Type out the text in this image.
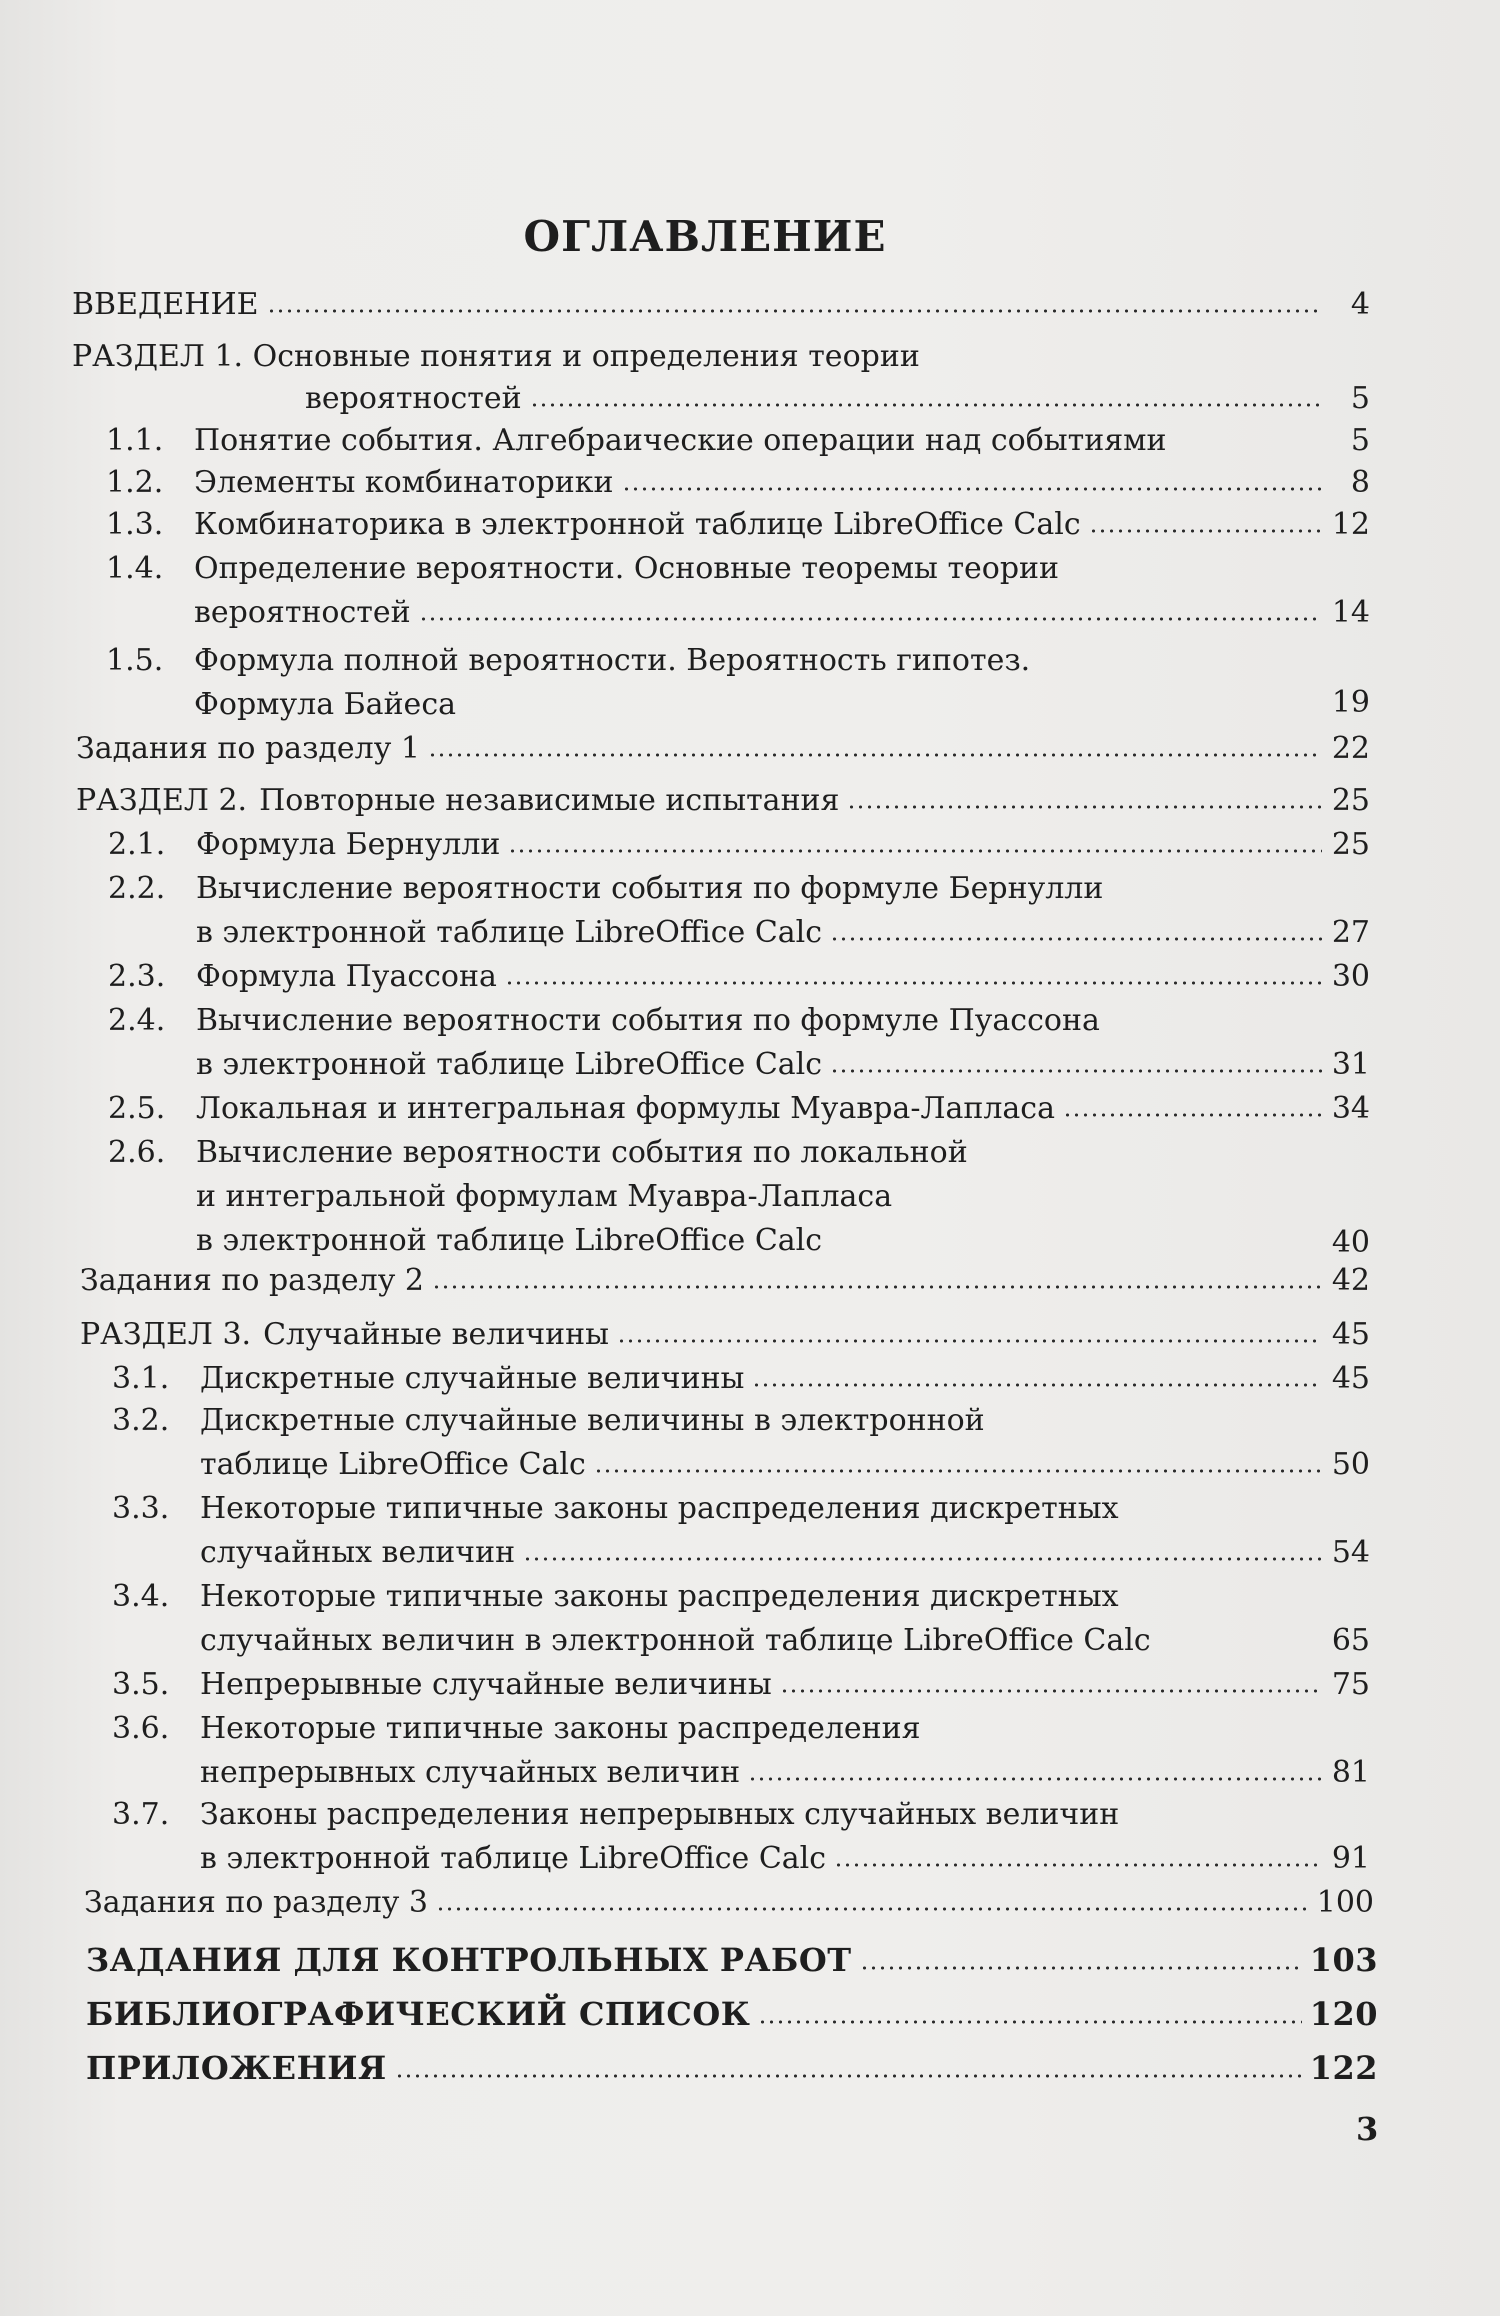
ОГЛАВЛЕНИЕ
ВВЕДЕНИЕ	4
РАЗДЕЛ 1. Основные понятия и определения теории
вероятностей	5
1.1.	Понятие события. Алгебраические операции над событиями	5
1.2.	Элементы комбинаторики	8
1.3.	Комбинаторика в электронной таблице LibreOffice Calc	12
1.4. Определение вероятности. Основные теоремы теории
вероятностей	14
1.5. Формула полной вероятности. Вероятность гипотез.
Формула Байеса	19
Задания по разделу 1	22
РАЗДЕЛ 2. Повторные независимые испытания	25
2.1.	Формула Бернулли	25
2.2. Вычисление вероятности события по формуле Бернулли
в электронной таблице LibreOffice Calc	27
2.3.	Формула Пуассона	30
2.4. Вычисление вероятности события по формуле Пуассона
в электронной таблице LibreOffice Calc	31
2.5.	Локальная и интегральная формулы Муавра-Лапласа	34
2.6. Вычисление вероятности события по локальной
и интегральной формулам Муавра-Лапласа
в электронной таблице LibreOffice Calc	40
Задания по разделу 2	42
РАЗДЕЛ 3. Случайные величины	45
3.1.	Дискретные случайные величины	45
3.2. Дискретные случайные величины в электронной
таблице LibreOffice Calc	50
3.3. Некоторые типичные законы распределения дискретных
случайных величин	54
3.4. Некоторые типичные законы распределения дискретных
случайных величин в электронной таблице LibreOffice Calc	65
3.5.	Непрерывные случайные величины	75
3.6. Некоторые типичные законы распределения
непрерывных случайных величин	81
3.7. Законы распределения непрерывных случайных величин
в электронной таблице LibreOffice Calc	91
Задания по разделу 3	100
ЗАДАНИЯ ДЛЯ КОНТРОЛЬНЫХ РАБОТ	103
БИБЛИОГРАФИЧЕСКИЙ СПИСОК	120
ПРИЛОЖЕНИЯ	122
3
